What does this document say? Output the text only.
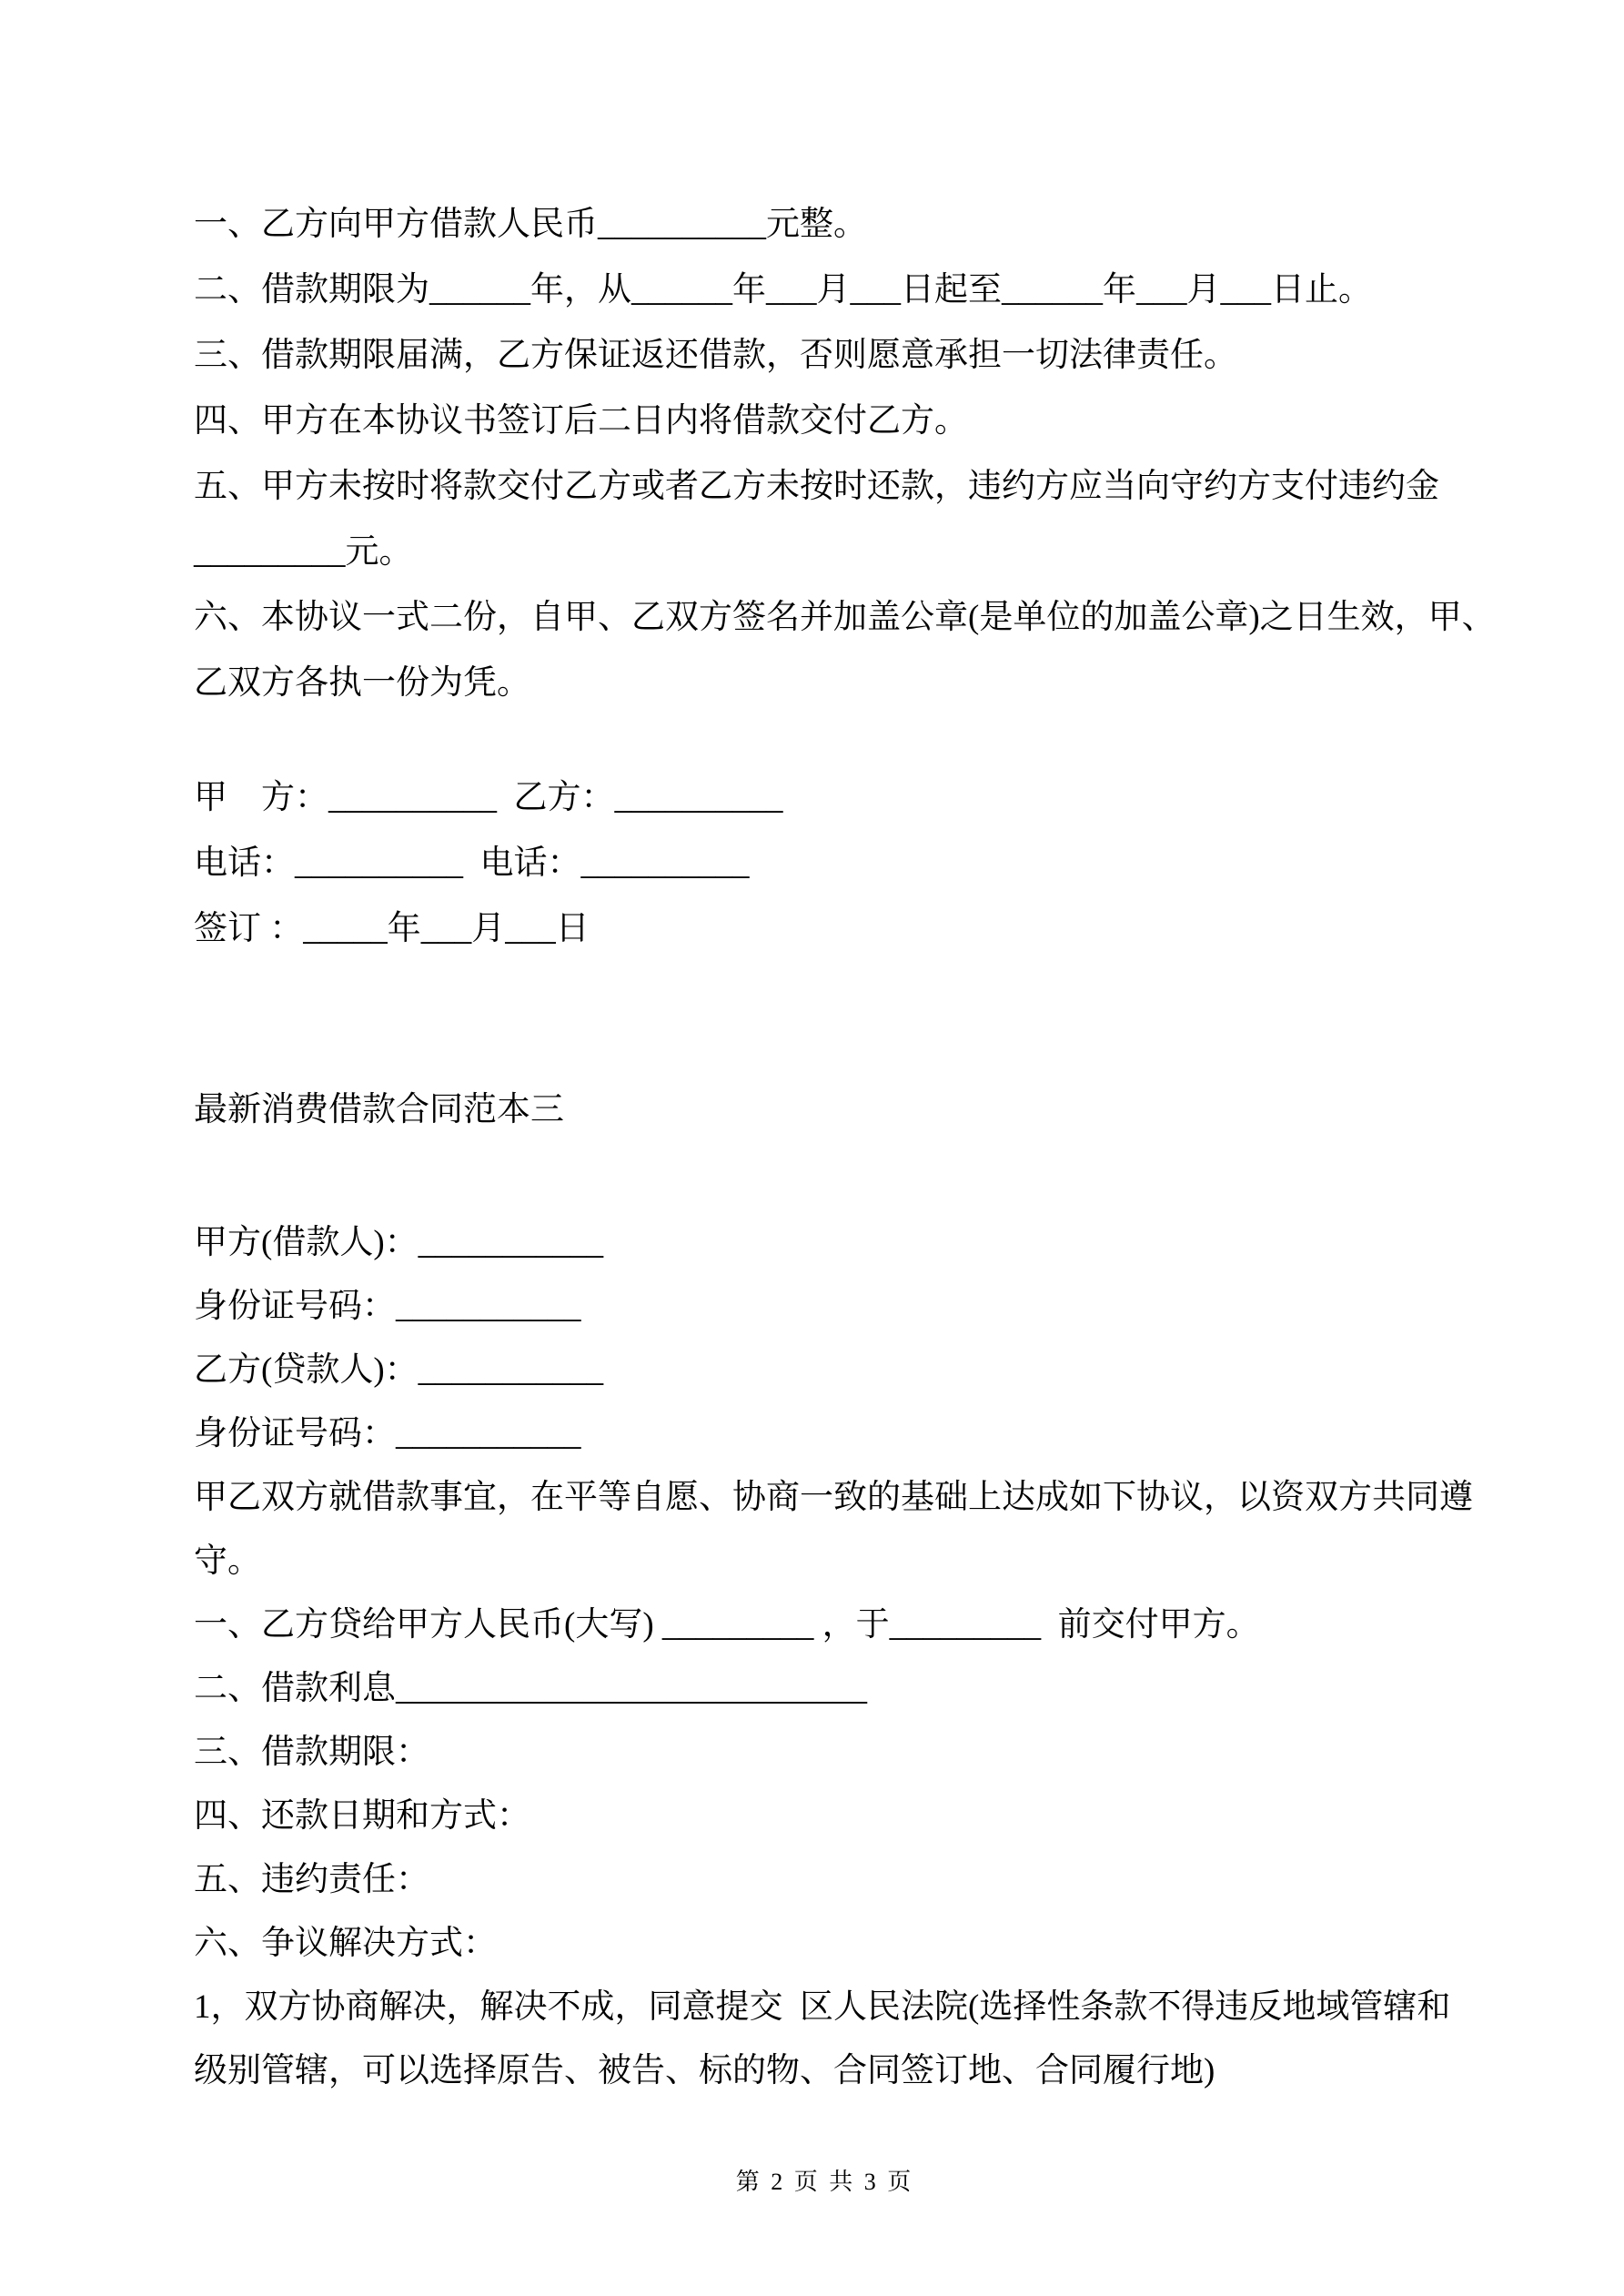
一、乙方向甲方借款人民币__________元整。
二、借款期限为______年，从______年___月___日起至______年___月___日止。
三、借款期限届满，乙方保证返还借款，否则愿意承担一切法律责任。
四、甲方在本协议书签订后二日内将借款交付乙方。
五、甲方未按时将款交付乙方或者乙方未按时还款，违约方应当向守约方支付违约金
_________元。
六、本协议一式二份，自甲、乙双方签名并加盖公章(是单位的加盖公章)之日生效，甲、
乙双方各执一份为凭。
甲　方：__________  乙方：__________
电话：__________  电话：__________
签订 ：_____年___月___日
最新消费借款合同范本三
甲方(借款人)：___________
身份证号码：___________
乙方(贷款人)：___________
身份证号码：___________
甲乙双方就借款事宜，在平等自愿、协商一致的基础上达成如下协议，以资双方共同遵
守。
一、乙方贷给甲方人民币(大写) _________ ，于_________  前交付甲方。
二、借款利息____________________________
三、借款期限：
四、还款日期和方式：
五、违约责任：
六、争议解决方式：
1，双方协商解决，解决不成，同意提交  区人民法院(选择性条款不得违反地域管辖和
级别管辖，可以选择原告、被告、标的物、合同签订地、合同履行地)

第 2 页 共 3 页
